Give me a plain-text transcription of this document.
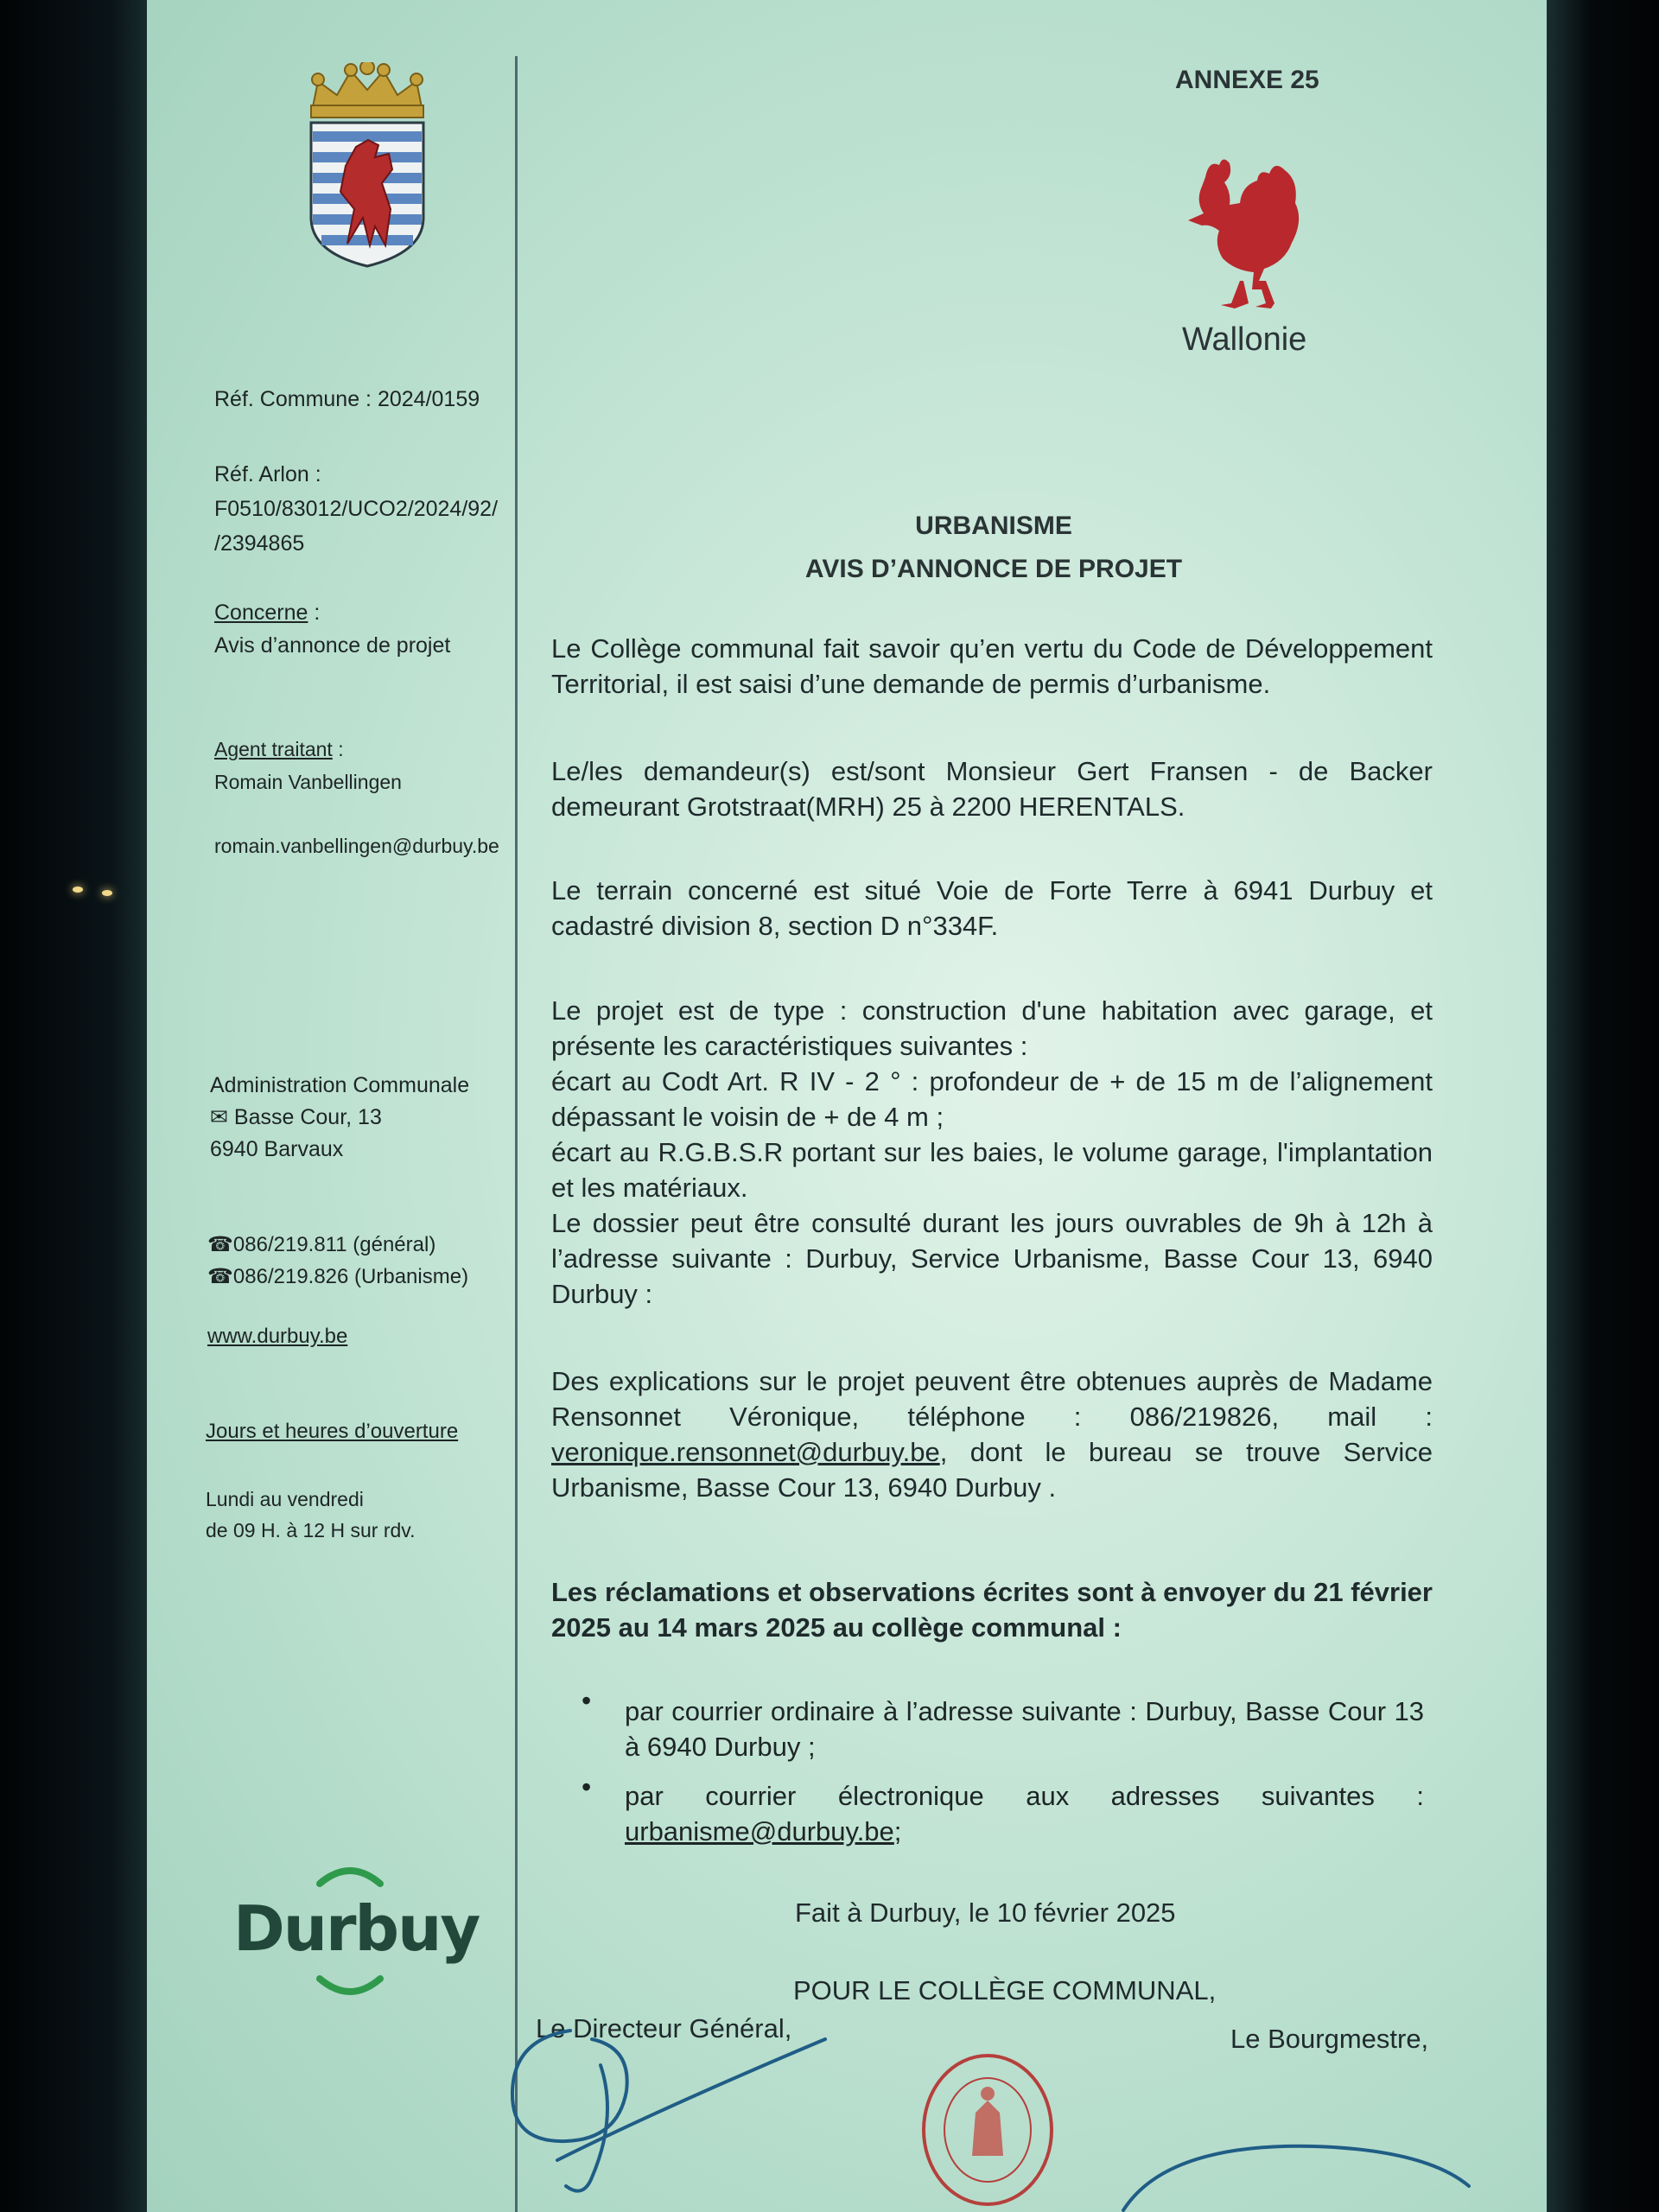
Réf. Commune : 2024/0159
Réf. Arlon :
F0510/83012/UCO2/2024/92/
/2394865
Concerne :
Avis d’annonce de projet
Agent traitant :
Romain Vanbellingen
romain.vanbellingen@durbuy.be
Administration Communale
✉ Basse Cour, 13
6940 Barvaux
☎086/219.811 (général)
☎086/219.826 (Urbanisme)
www.durbuy.be
Jours et heures d’ouverture
Lundi au vendredi
de 09 H. à 12 H sur rdv.
Durbuy
ANNEXE 25
Wallonie
URBANISME
AVIS D’ANNONCE DE PROJET
Le Collège communal fait savoir qu’en vertu du Code de Développement Territorial, il est saisi d’une demande de permis d’urbanisme.
Le/les demandeur(s) est/sont Monsieur Gert Fransen - de Backer demeurant Grotstraat(MRH) 25 à 2200 HERENTALS.
Le terrain concerné est situé Voie de Forte Terre à 6941 Durbuy et cadastré division 8, section D n°334F.
Le projet est de type : construction d'une habitation avec garage, et présente les caractéristiques suivantes :
écart au Codt Art. R IV - 2 ° : profondeur de + de 15 m de l’alignement dépassant le voisin de + de 4 m ;
écart au R.G.B.S.R portant sur les baies, le volume garage, l'implantation et les matériaux.
Le dossier peut être consulté durant les jours ouvrables de 9h à 12h à l’adresse suivante : Durbuy, Service Urbanisme, Basse Cour 13, 6940 Durbuy :
Des explications sur le projet peuvent être obtenues auprès de Madame Rensonnet Véronique, téléphone : 086/219826, mail : veronique.rensonnet@durbuy.be, dont le bureau se trouve Service Urbanisme, Basse Cour 13, 6940 Durbuy .
Les réclamations et observations écrites sont à envoyer du 21 février 2025 au 14 mars 2025 au collège communal :
• par courrier ordinaire à l’adresse suivante : Durbuy, Basse Cour 13 à 6940 Durbuy ;
• par courrier électronique aux adresses suivantes : urbanisme@durbuy.be;
Fait à Durbuy, le 10 février 2025
POUR LE COLLÈGE COMMUNAL,
Le Directeur Général,	Le Bourgmestre,
